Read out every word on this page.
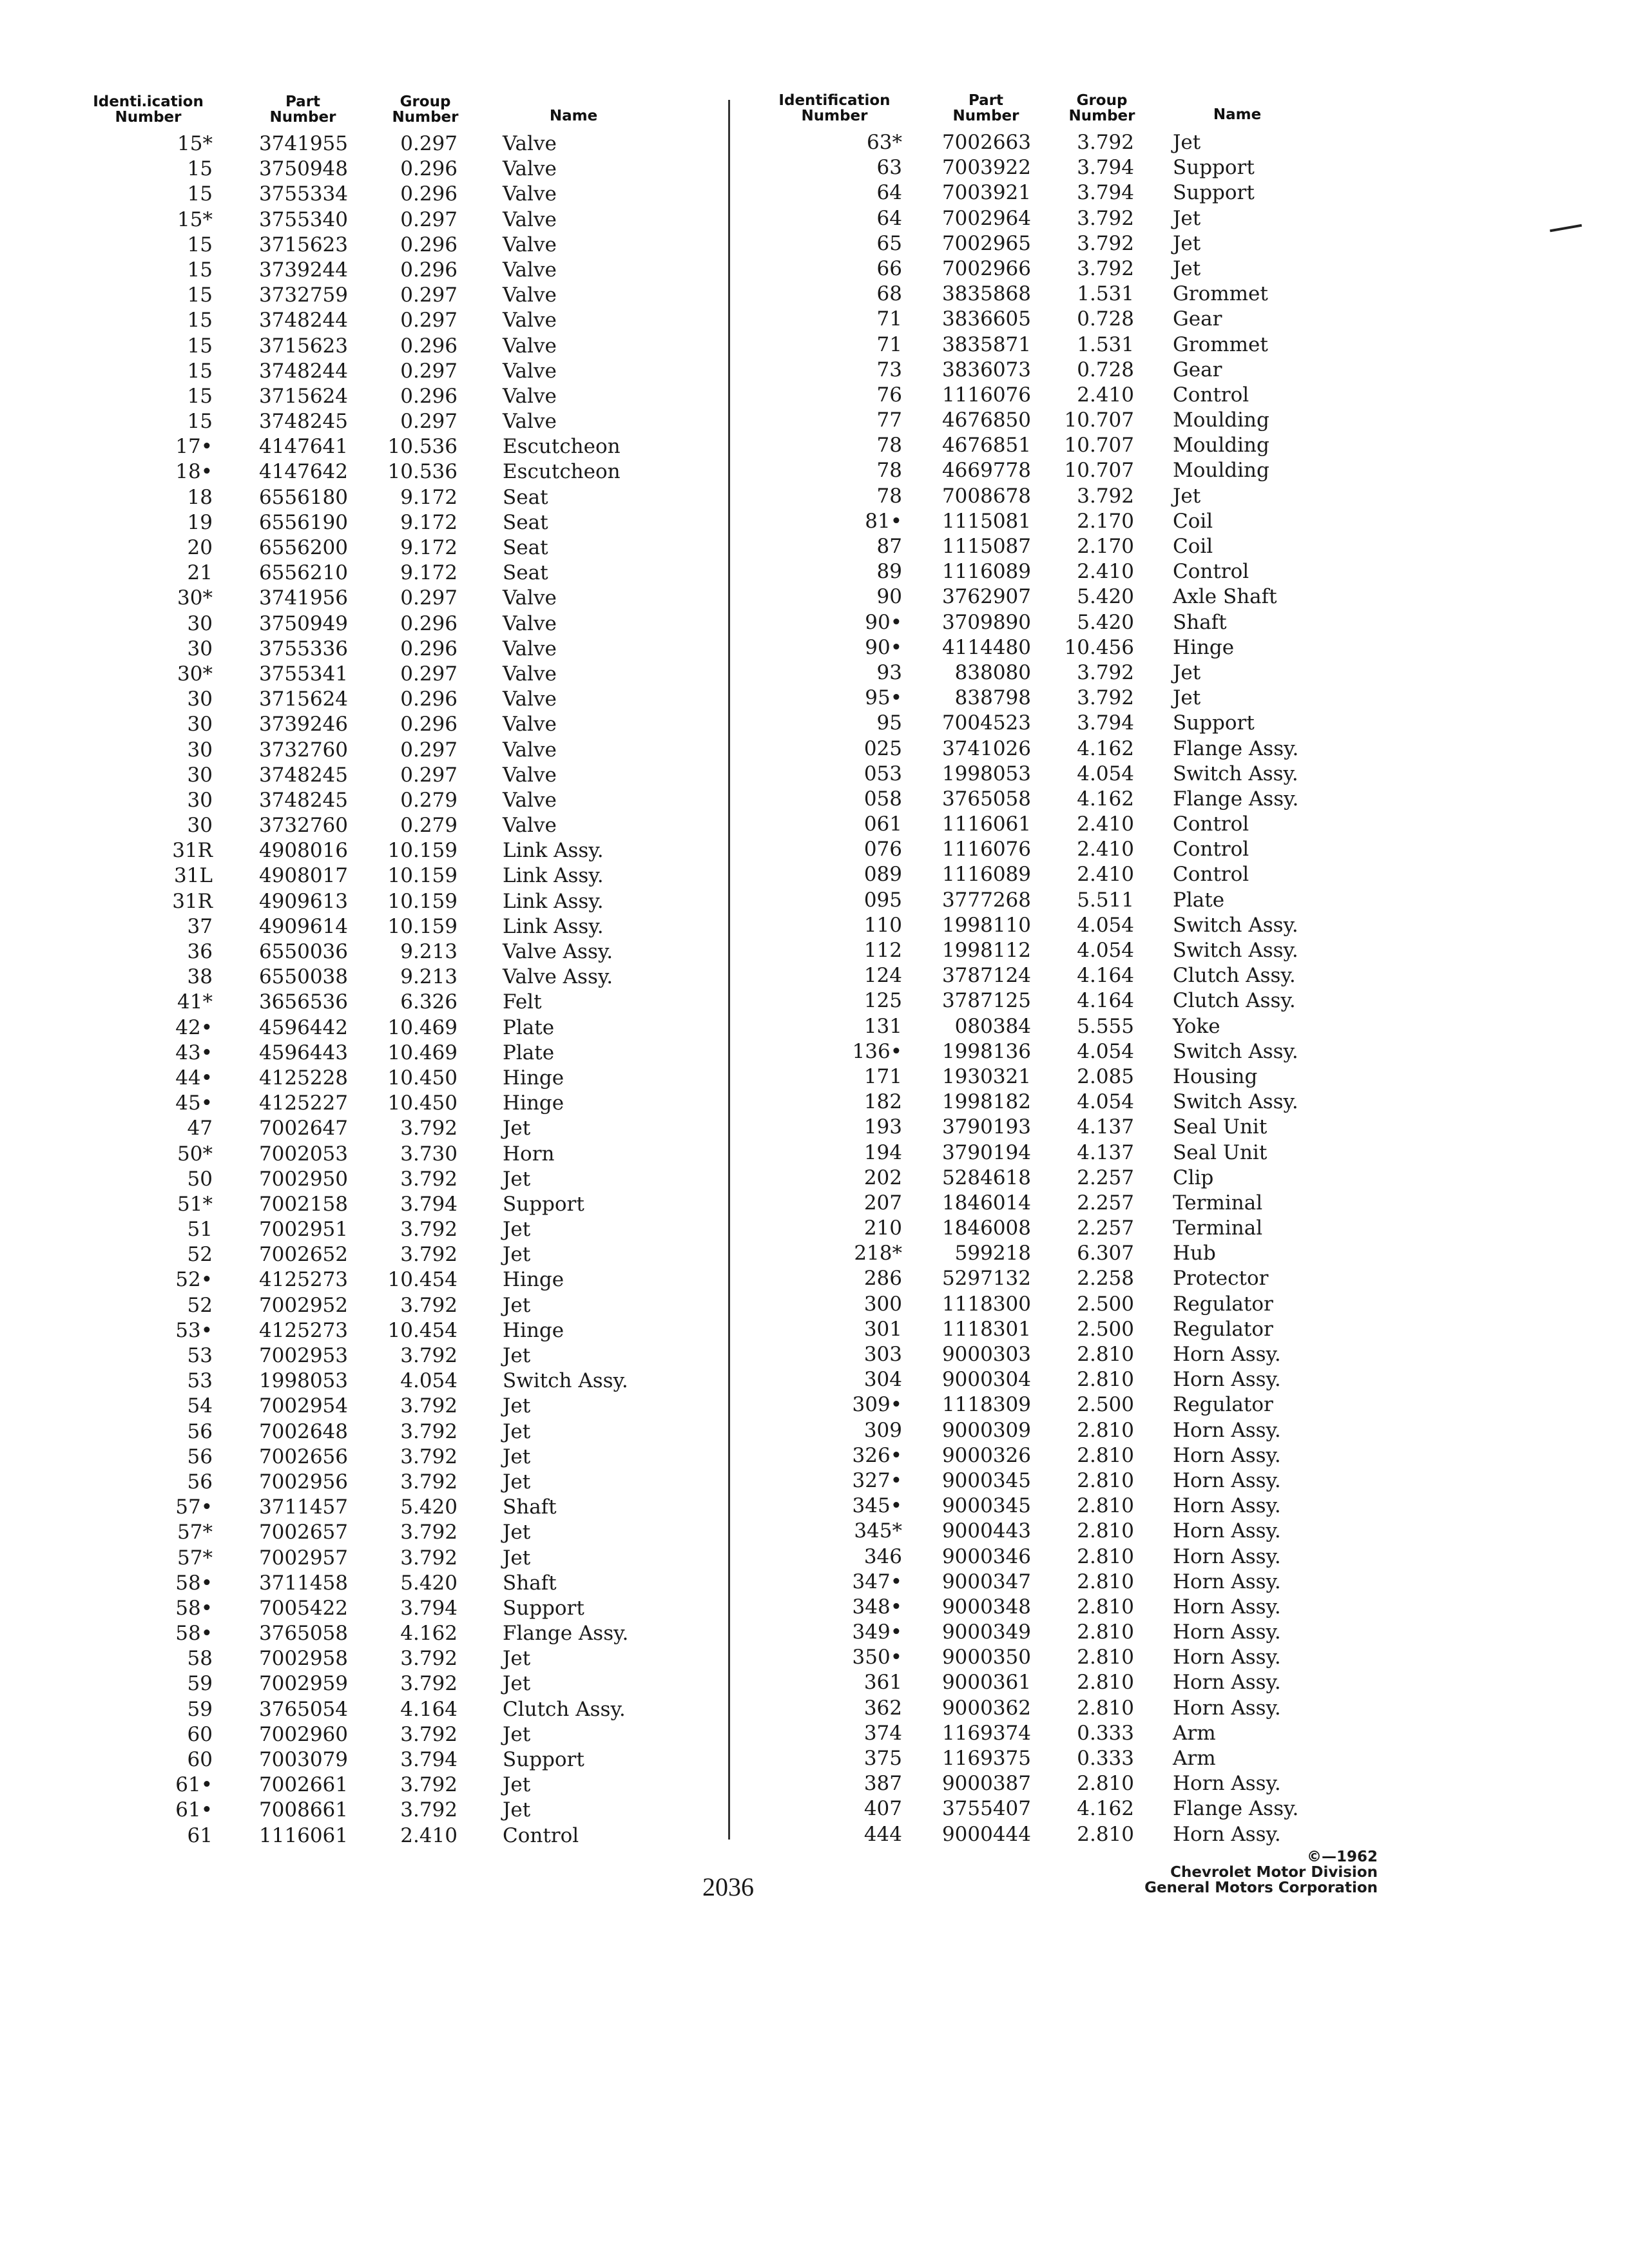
Identi․ication
Number
Part
Number
Group
Number	Name
15*	3741955	0.297 Valve
15	3750948	0.296 Valve
15	3755334	0.296 Valve
15*	3755340	0.297 Valve
15	3715623	0.296 Valve
15	3739244	0.296 Valve
15	3732759	0.297 Valve
15	3748244	0.297 Valve
15	3715623	0.296 Valve
15	3748244	0.297 Valve
15	3715624	0.296 Valve
15	3748245	0.297 Valve
17•	4147641	10.536 Escutcheon
18•	4147642	10.536 Escutcheon
18	6556180	9.172 Seat
19	6556190	9.172 Seat
20	6556200	9.172 Seat
21	6556210	9.172 Seat
30*	3741956	0.297 Valve
30	3750949	0.296 Valve
30	3755336	0.296 Valve
30*	3755341	0.297 Valve
30	3715624	0.296 Valve
30	3739246	0.296 Valve
30	3732760	0.297 Valve
30	3748245	0.297 Valve
30	3748245	0.279 Valve
30	3732760	0.279 Valve
31R	4908016	10.159 Link Assy.
31L	4908017	10.159 Link Assy.
31R	4909613	10.159 Link Assy.
37	4909614	10.159 Link Assy.
36	6550036	9.213 Valve Assy.
38	6550038	9.213 Valve Assy.
41*	3656536	6.326 Felt
42•	4596442	10.469 Plate
43•	4596443	10.469 Plate
44•	4125228	10.450 Hinge
45•	4125227	10.450 Hinge
47	7002647	3.792 Jet
50*	7002053	3.730 Horn
50	7002950	3.792 Jet
51*	7002158	3.794 Support
51	7002951	3.792 Jet
52	7002652	3.792 Jet
52•	4125273	10.454 Hinge
52	7002952	3.792 Jet
53•	4125273	10.454 Hinge
53	7002953	3.792 Jet
53	1998053	4.054 Switch Assy.
54	7002954	3.792 Jet
56	7002648	3.792 Jet
56	7002656	3.792 Jet
56	7002956	3.792 Jet
57•	3711457	5.420 Shaft
57*	7002657	3.792 Jet
57*	7002957	3.792 Jet
58•	3711458	5.420 Shaft
58•	7005422	3.794 Support
58•	3765058	4.162 Flange Assy.
58	7002958	3.792 Jet
59	7002959	3.792 Jet
59	3765054	4.164 Clutch Assy.
60	7002960	3.792 Jet
60	7003079	3.794 Support
61•	7002661	3.792 Jet
61•	7008661	3.792 Jet
61	1116061	2.410 Control
Identification
Number
Part
Number
Group
Number	Name
63*	7002663	3.792 Jet
63	7003922	3.794 Support
64	7003921	3.794 Support
64	7002964	3.792 Jet
65	7002965	3.792 Jet
66	7002966	3.792 Jet
68	3835868	1.531 Grommet
71	3836605	0.728 Gear
71	3835871	1.531 Grommet
73	3836073	0.728 Gear
76	1116076	2.410 Control
77	4676850	10.707 Moulding
78	4676851	10.707 Moulding
78	4669778	10.707 Moulding
78	7008678	3.792 Jet
81•	1115081	2.170 Coil
87	1115087	2.170 Coil
89	1116089	2.410 Control
90	3762907	5.420 Axle Shaft
90•	3709890	5.420 Shaft
90•	4114480	10.456 Hinge
93	838080	3.792 Jet
95•	838798	3.792 Jet
95	7004523	3.794 Support
025	3741026	4.162 Flange Assy.
053	1998053	4.054 Switch Assy.
058	3765058	4.162 Flange Assy.
061	1116061	2.410 Control
076	1116076	2.410 Control
089	1116089	2.410 Control
095	3777268	5.511 Plate
110	1998110	4.054 Switch Assy.
112	1998112	4.054 Switch Assy.
124	3787124	4.164 Clutch Assy.
125	3787125	4.164 Clutch Assy.
131	080384	5.555 Yoke
136•	1998136	4.054 Switch Assy.
171	1930321	2.085 Housing
182	1998182	4.054 Switch Assy.
193	3790193	4.137 Seal Unit
194	3790194	4.137 Seal Unit
202	5284618	2.257 Clip
207	1846014	2.257 Terminal
210	1846008	2.257 Terminal
218*	599218	6.307 Hub
286	5297132	2.258 Protector
300	1118300	2.500 Regulator
301	1118301	2.500 Regulator
303	9000303	2.810 Horn Assy.
304	9000304	2.810 Horn Assy.
309•	1118309	2.500 Regulator
309	9000309	2.810 Horn Assy.
326•	9000326	2.810 Horn Assy.
327•	9000345	2.810 Horn Assy.
345•	9000345	2.810 Horn Assy.
345*	9000443	2.810 Horn Assy.
346	9000346	2.810 Horn Assy.
347•	9000347	2.810 Horn Assy.
348•	9000348	2.810 Horn Assy.
349•	9000349	2.810 Horn Assy.
350•	9000350	2.810 Horn Assy.
361	9000361	2.810 Horn Assy.
362	9000362	2.810 Horn Assy.
374	1169374	0.333 Arm
375	1169375	0.333 Arm
387	9000387	2.810 Horn Assy.
407	3755407	4.162 Flange Assy.
444	9000444	2.810 Horn Assy.
2036
©—1962
Chevrolet Motor Division
General Motors Corporation
